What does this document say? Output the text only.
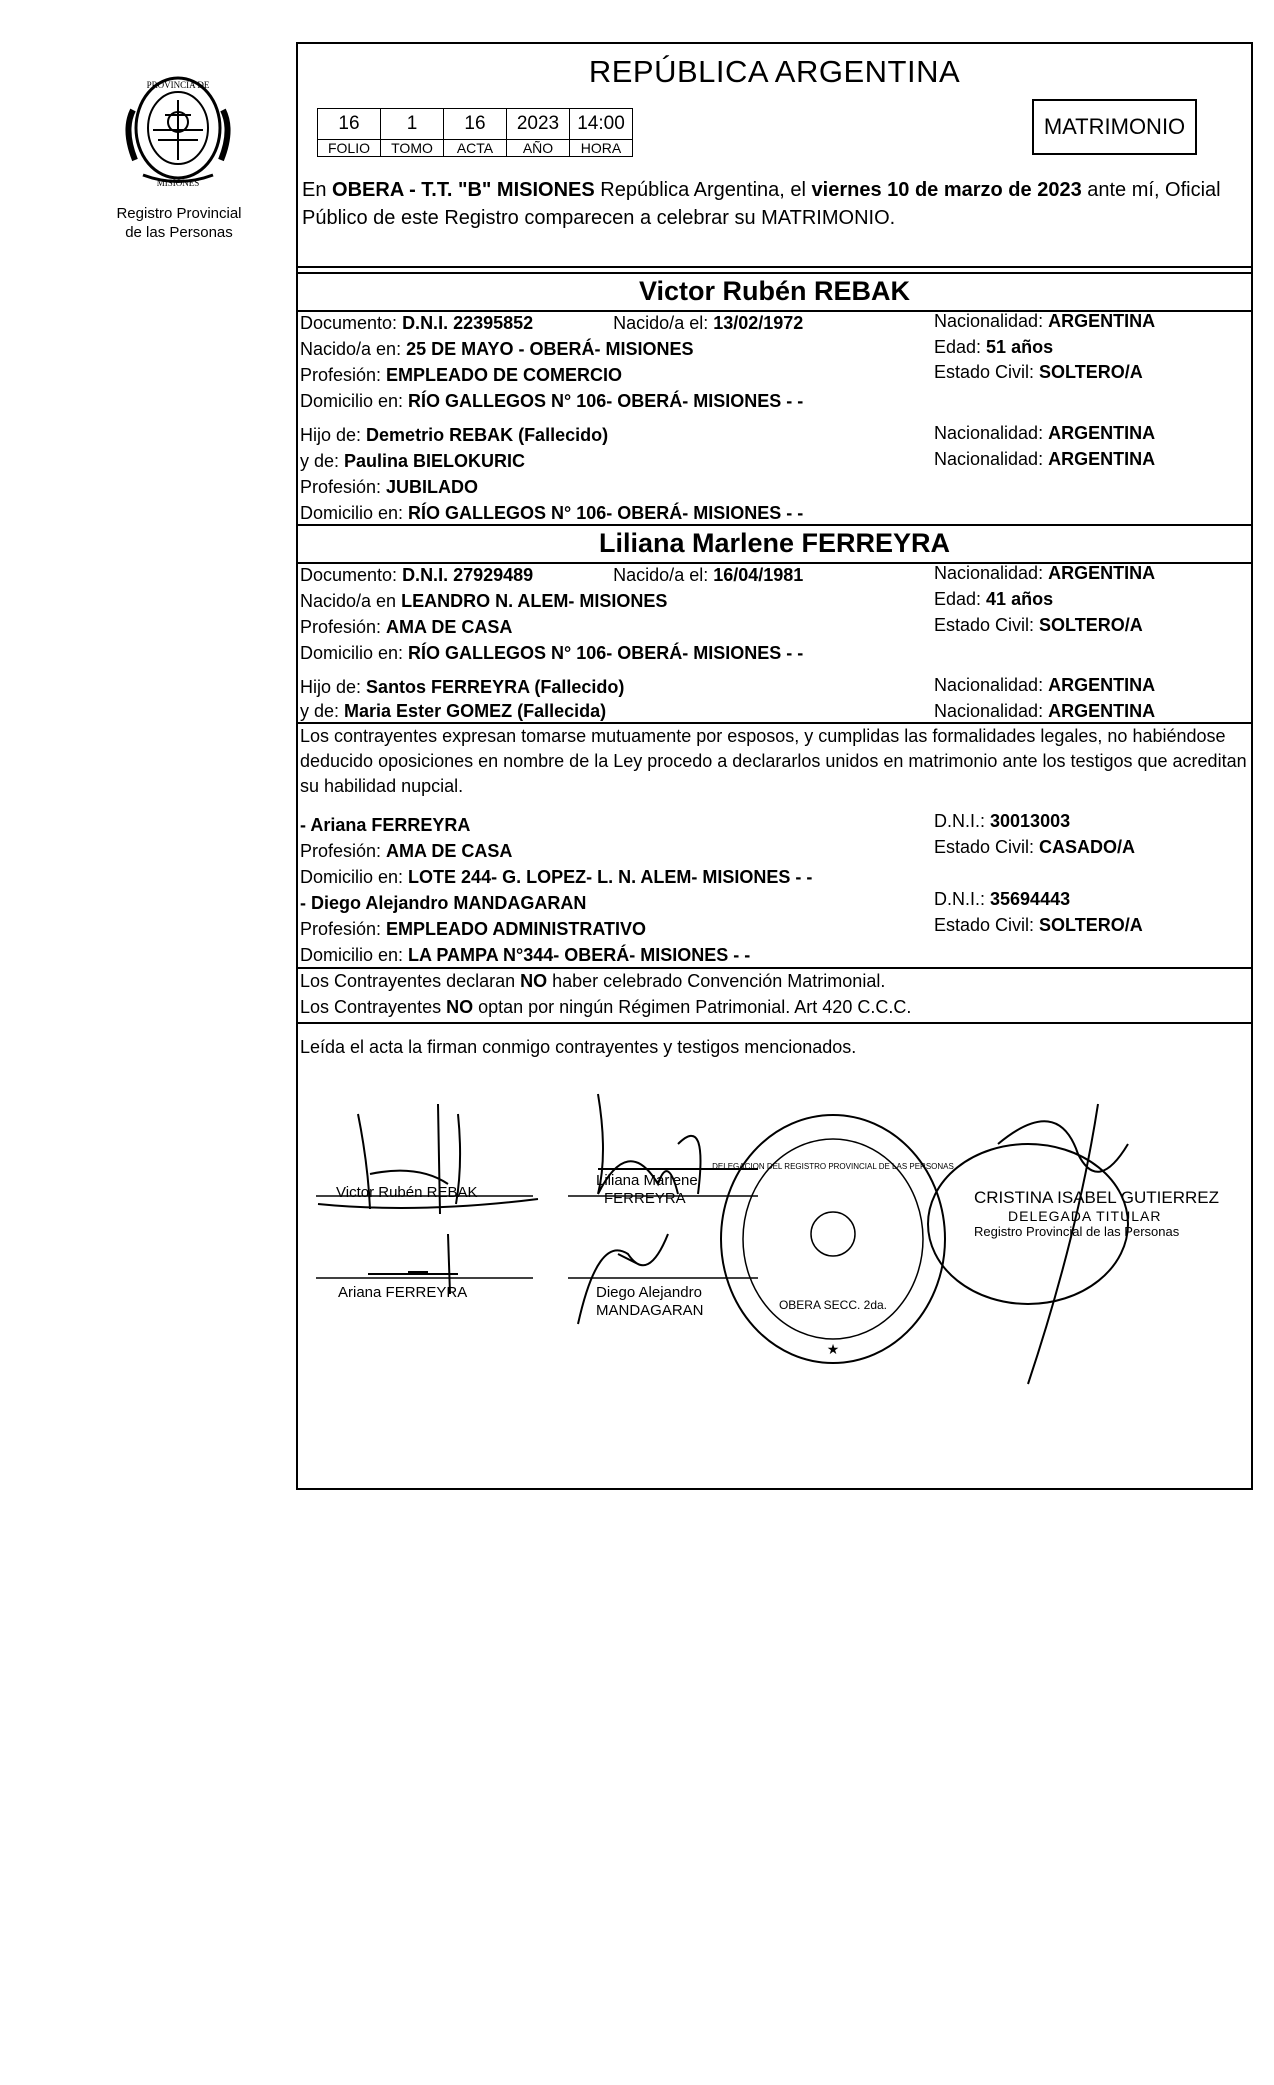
PROVINCIA DE
MISIONES
Registro Provincial
de las Personas
REPÚBLICA ARGENTINA
16	1	16	2023	14:00
FOLIO	TOMO	ACTA	AÑO	HORA
MATRIMONIO
En OBERA - T.T. "B" MISIONES República Argentina, el viernes 10 de marzo de 2023 ante mí, Oficial Público de este Registro comparecen a celebrar su MATRIMONIO.
Victor Rubén REBAK
Documento: D.N.I. 22395852	Nacido/a el: 13/02/1972	Nacionalidad: ARGENTINA
Nacido/a en: 25 DE MAYO - OBERÁ- MISIONES	Edad: 51 años
Profesión: EMPLEADO DE COMERCIO	Estado Civil: SOLTERO/A
Domicilio en: RÍO GALLEGOS N° 106- OBERÁ- MISIONES - -
Hijo de: Demetrio REBAK (Fallecido)	Nacionalidad: ARGENTINA
y de: Paulina BIELOKURIC	Nacionalidad: ARGENTINA
Profesión: JUBILADO
Domicilio en: RÍO GALLEGOS N° 106- OBERÁ- MISIONES - -
Liliana Marlene FERREYRA
Documento: D.N.I. 27929489	Nacido/a el: 16/04/1981	Nacionalidad: ARGENTINA
Nacido/a en LEANDRO N. ALEM- MISIONES	Edad: 41 años
Profesión: AMA DE CASA	Estado Civil: SOLTERO/A
Domicilio en: RÍO GALLEGOS N° 106- OBERÁ- MISIONES - -
Hijo de: Santos FERREYRA (Fallecido)	Nacionalidad: ARGENTINA
y de: Maria Ester GOMEZ (Fallecida)	Nacionalidad: ARGENTINA
Los contrayentes expresan tomarse mutuamente por esposos, y cumplidas las formalidades legales, no habiéndose deducido oposiciones en nombre de la Ley procedo a declararlos unidos en matrimonio ante los testigos que acreditan su habilidad nupcial.
- Ariana FERREYRA	D.N.I.: 30013003
Profesión: AMA DE CASA	Estado Civil: CASADO/A
Domicilio en: LOTE 244- G. LOPEZ- L. N. ALEM- MISIONES - -
- Diego Alejandro MANDAGARAN	D.N.I.: 35694443
Profesión: EMPLEADO ADMINISTRATIVO	Estado Civil: SOLTERO/A
Domicilio en: LA PAMPA N°344- OBERÁ- MISIONES - -
Los Contrayentes declaran NO haber celebrado Convención Matrimonial.
Los Contrayentes NO optan por ningún Régimen Patrimonial. Art 420 C.C.C.
Leída el acta la firman conmigo contrayentes y testigos mencionados.
OBERA SECC. 2da.
DELEGACION DEL REGISTRO PROVINCIAL DE LAS PERSONAS
★
Victor Rubén REBAK
Liliana Marlene
FERREYRA
Ariana FERREYRA	Diego Alejandro
MANDAGARAN
CRISTINA ISABEL GUTIERREZ
DELEGADA TITULAR
Registro Provincial de las Personas
